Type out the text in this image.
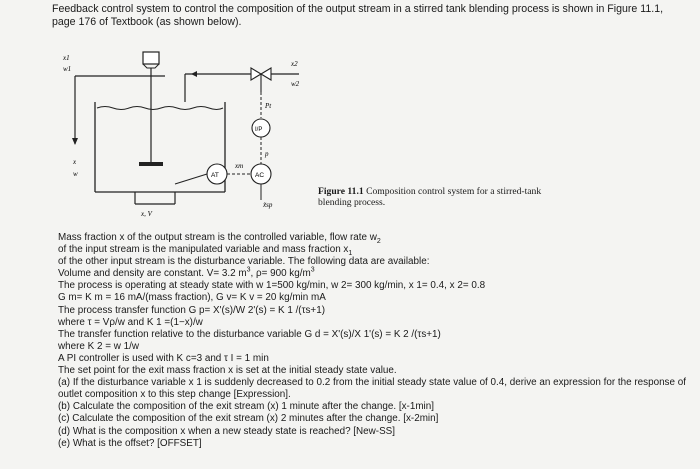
Feedback control system to control the composition of the output stream in a stirred tank blending process is shown in Figure 11.1,
page 176 of Textbook (as shown below).
x1
w1
x2
w2
Pt
I/P
p
AC
AT
xm
x̃sp
x
w
x, V
Figure 11.1 Composition control system for a stirred-tank blending process.

Mass fraction x of the output stream is the controlled variable, flow rate $w_2$

of the input stream is the manipulated variable and mass fraction $x_1$

of the other input stream is the disturbance variable. The following data are available:

Volume and density are constant. V= 3.2 $m^3$, ρ= 900 $kg/m^3$

The process is operating at steady state with w 1=500 kg/min, w 2= 300 kg/min, x 1= 0.4, x 2= 0.8

G m= K m = 16 mA/(mass fraction), G v= K v = 20 kg/min mA

The process transfer function G p= X'(s)/W 2'(s) = K 1 /(τs+1)

where τ = Vρ/w and K 1 =(1−x)/w

The transfer function relative to the disturbance variable G d = X'(s)/X 1'(s) = K 2 /(τs+1)

where K 2 = w 1/w

A PI controller is used with K c=3 and τ I = 1 min

The set point for the exit mass fraction x is set at the initial steady state value.

(a) If the disturbance variable x 1 is suddenly decreased to 0.2 from the initial steady state value of 0.4, derive an expression for the response of outlet composition x to this step change [Expression].

(b) Calculate the composition of the exit stream (x) 1 minute after the change. [x-1min]

(c) Calculate the composition of the exit stream (x) 2 minutes after the change. [x-2min]

(d) What is the composition x when a new steady state is reached? [New-SS]

(e) What is the offset? [OFFSET]
